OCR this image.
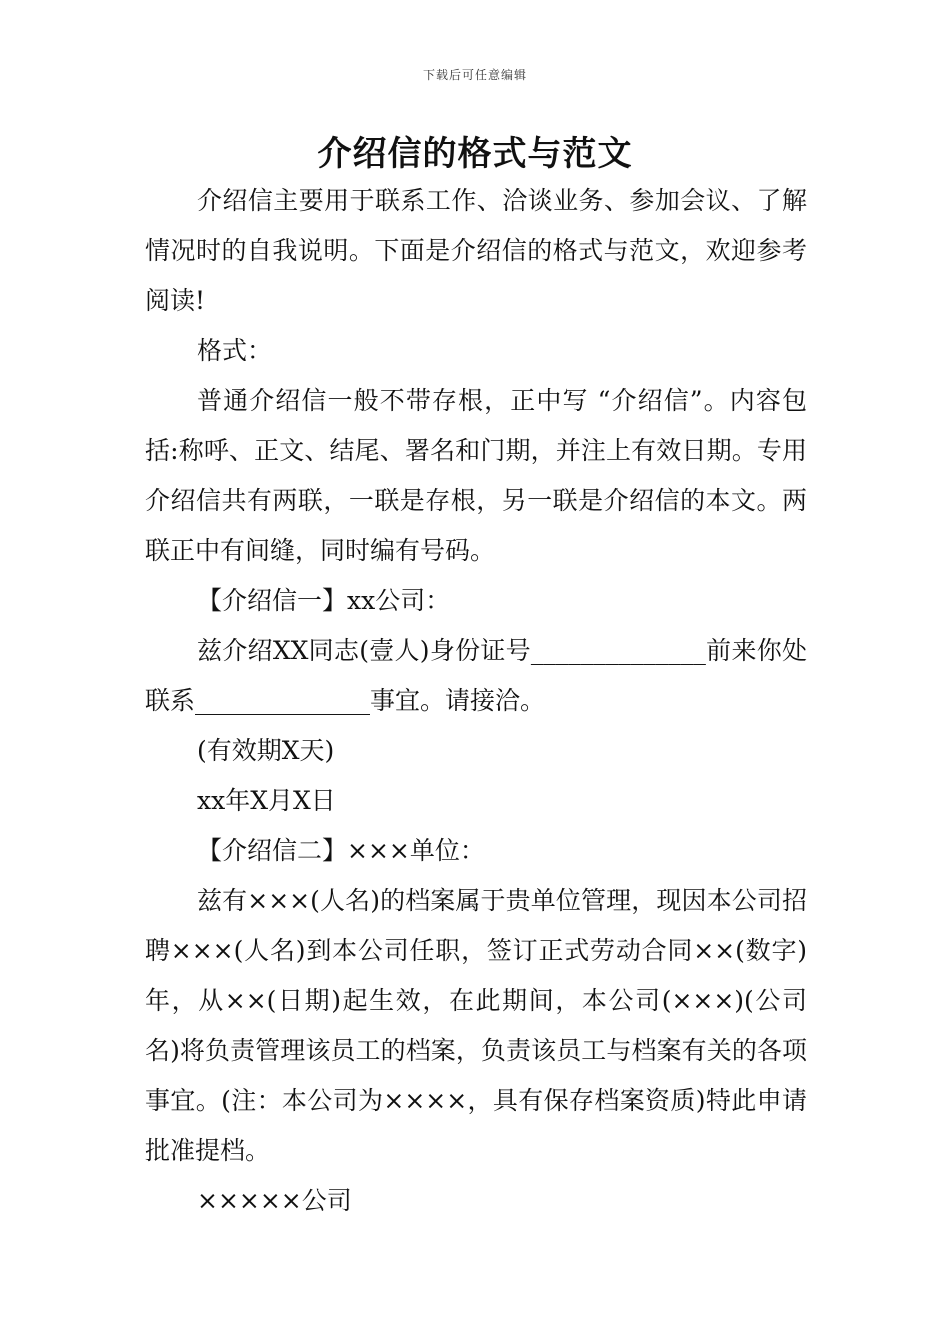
下载后可任意编辑
介绍信的格式与范文

介绍信主要用于联系工作、洽谈业务、参加会议、了解情况时的自我说明。下面是介绍信的格式与范文，欢迎参考阅读!

格式：

普通介绍信一般不带存根，正中写 “介绍信”。内容包括:称呼、正文、结尾、署名和门期，并注上有效日期。专用介绍信共有两联，一联是存根，另一联是介绍信的本文。两联正中有间缝，同时编有号码。

【介绍信一】xx公司：

兹介绍XX同志(壹人)身份证号______________前来你处联系______________事宜。请接洽。

(有效期X天)

xx年X月X日

【介绍信二】×××单位：

兹有×××(人名)的档案属于贵单位管理，现因本公司招聘×××(人名)到本公司任职，签订正式劳动合同××(数字)年，从××(日期)起生效，在此期间，本公司(×××)(公司名)将负责管理该员工的档案，负责该员工与档案有关的各项事宜。(注：本公司为××××，具有保存档案资质)特此申请批准提档。

×××××公司
